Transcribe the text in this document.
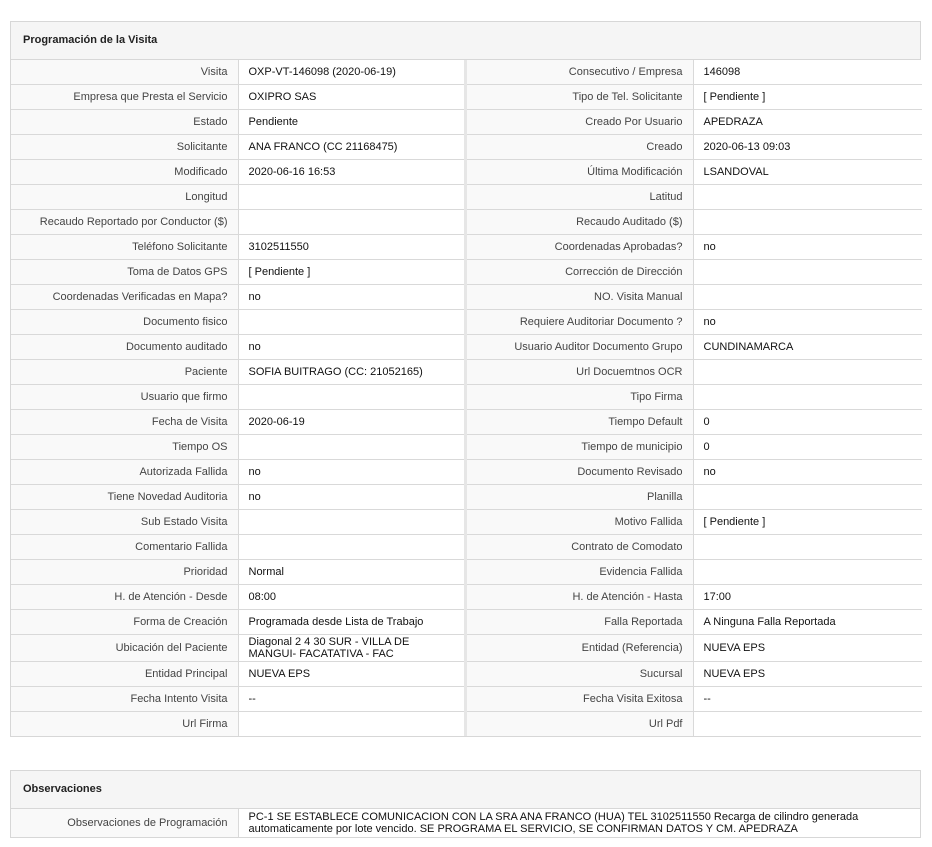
Programación de la Visita
Visita	OXP-VT-146098 (2020-06-19)	Consecutivo / Empresa	146098
Empresa que Presta el Servicio	OXIPRO SAS	Tipo de Tel. Solicitante	[ Pendiente ]
Estado	Pendiente	Creado Por Usuario	APEDRAZA
Solicitante	ANA FRANCO (CC 21168475)	Creado	2020-06-13 09:03
Modificado	2020-06-16 16:53	Última Modificación	LSANDOVAL
Longitud		Latitud	
Recaudo Reportado por Conductor ($)		Recaudo Auditado ($)	
Teléfono Solicitante	3102511550	Coordenadas Aprobadas?	no
Toma de Datos GPS	[ Pendiente ]	Corrección de Dirección	
Coordenadas Verificadas en Mapa?	no	NO. Visita Manual	
Documento fisico		Requiere Auditoriar Documento ?	no
Documento auditado	no	Usuario Auditor Documento Grupo	CUNDINAMARCA
Paciente	SOFIA BUITRAGO (CC: 21052165)	Url Docuemtnos OCR	
Usuario que firmo		Tipo Firma	
Fecha de Visita	2020-06-19	Tiempo Default	0
Tiempo OS		Tiempo de municipio	0
Autorizada Fallida	no	Documento Revisado	no
Tiene Novedad Auditoria	no	Planilla	
Sub Estado Visita		Motivo Fallida	[ Pendiente ]
Comentario Fallida		Contrato de Comodato	
Prioridad	Normal	Evidencia Fallida	
H. de Atención - Desde	08:00	H. de Atención - Hasta	17:00
Forma de Creación	Programada desde Lista de Trabajo	Falla Reportada	A Ninguna Falla Reportada
Ubicación del Paciente	Diagonal 2 4 30 SUR - VILLA DE MANGUI- FACATATIVA - FAC	Entidad (Referencia)	NUEVA EPS
Entidad Principal	NUEVA EPS	Sucursal	NUEVA EPS
Fecha Intento Visita	--	Fecha Visita Exitosa	--
Url Firma		Url Pdf	
Observaciones
Observaciones de Programación	PC-1 SE ESTABLECE COMUNICACION CON LA SRA ANA FRANCO (HUA) TEL 3102511550 Recarga de cilindro generada automaticamente por lote vencido. SE PROGRAMA EL SERVICIO, SE CONFIRMAN DATOS Y CM. APEDRAZA
